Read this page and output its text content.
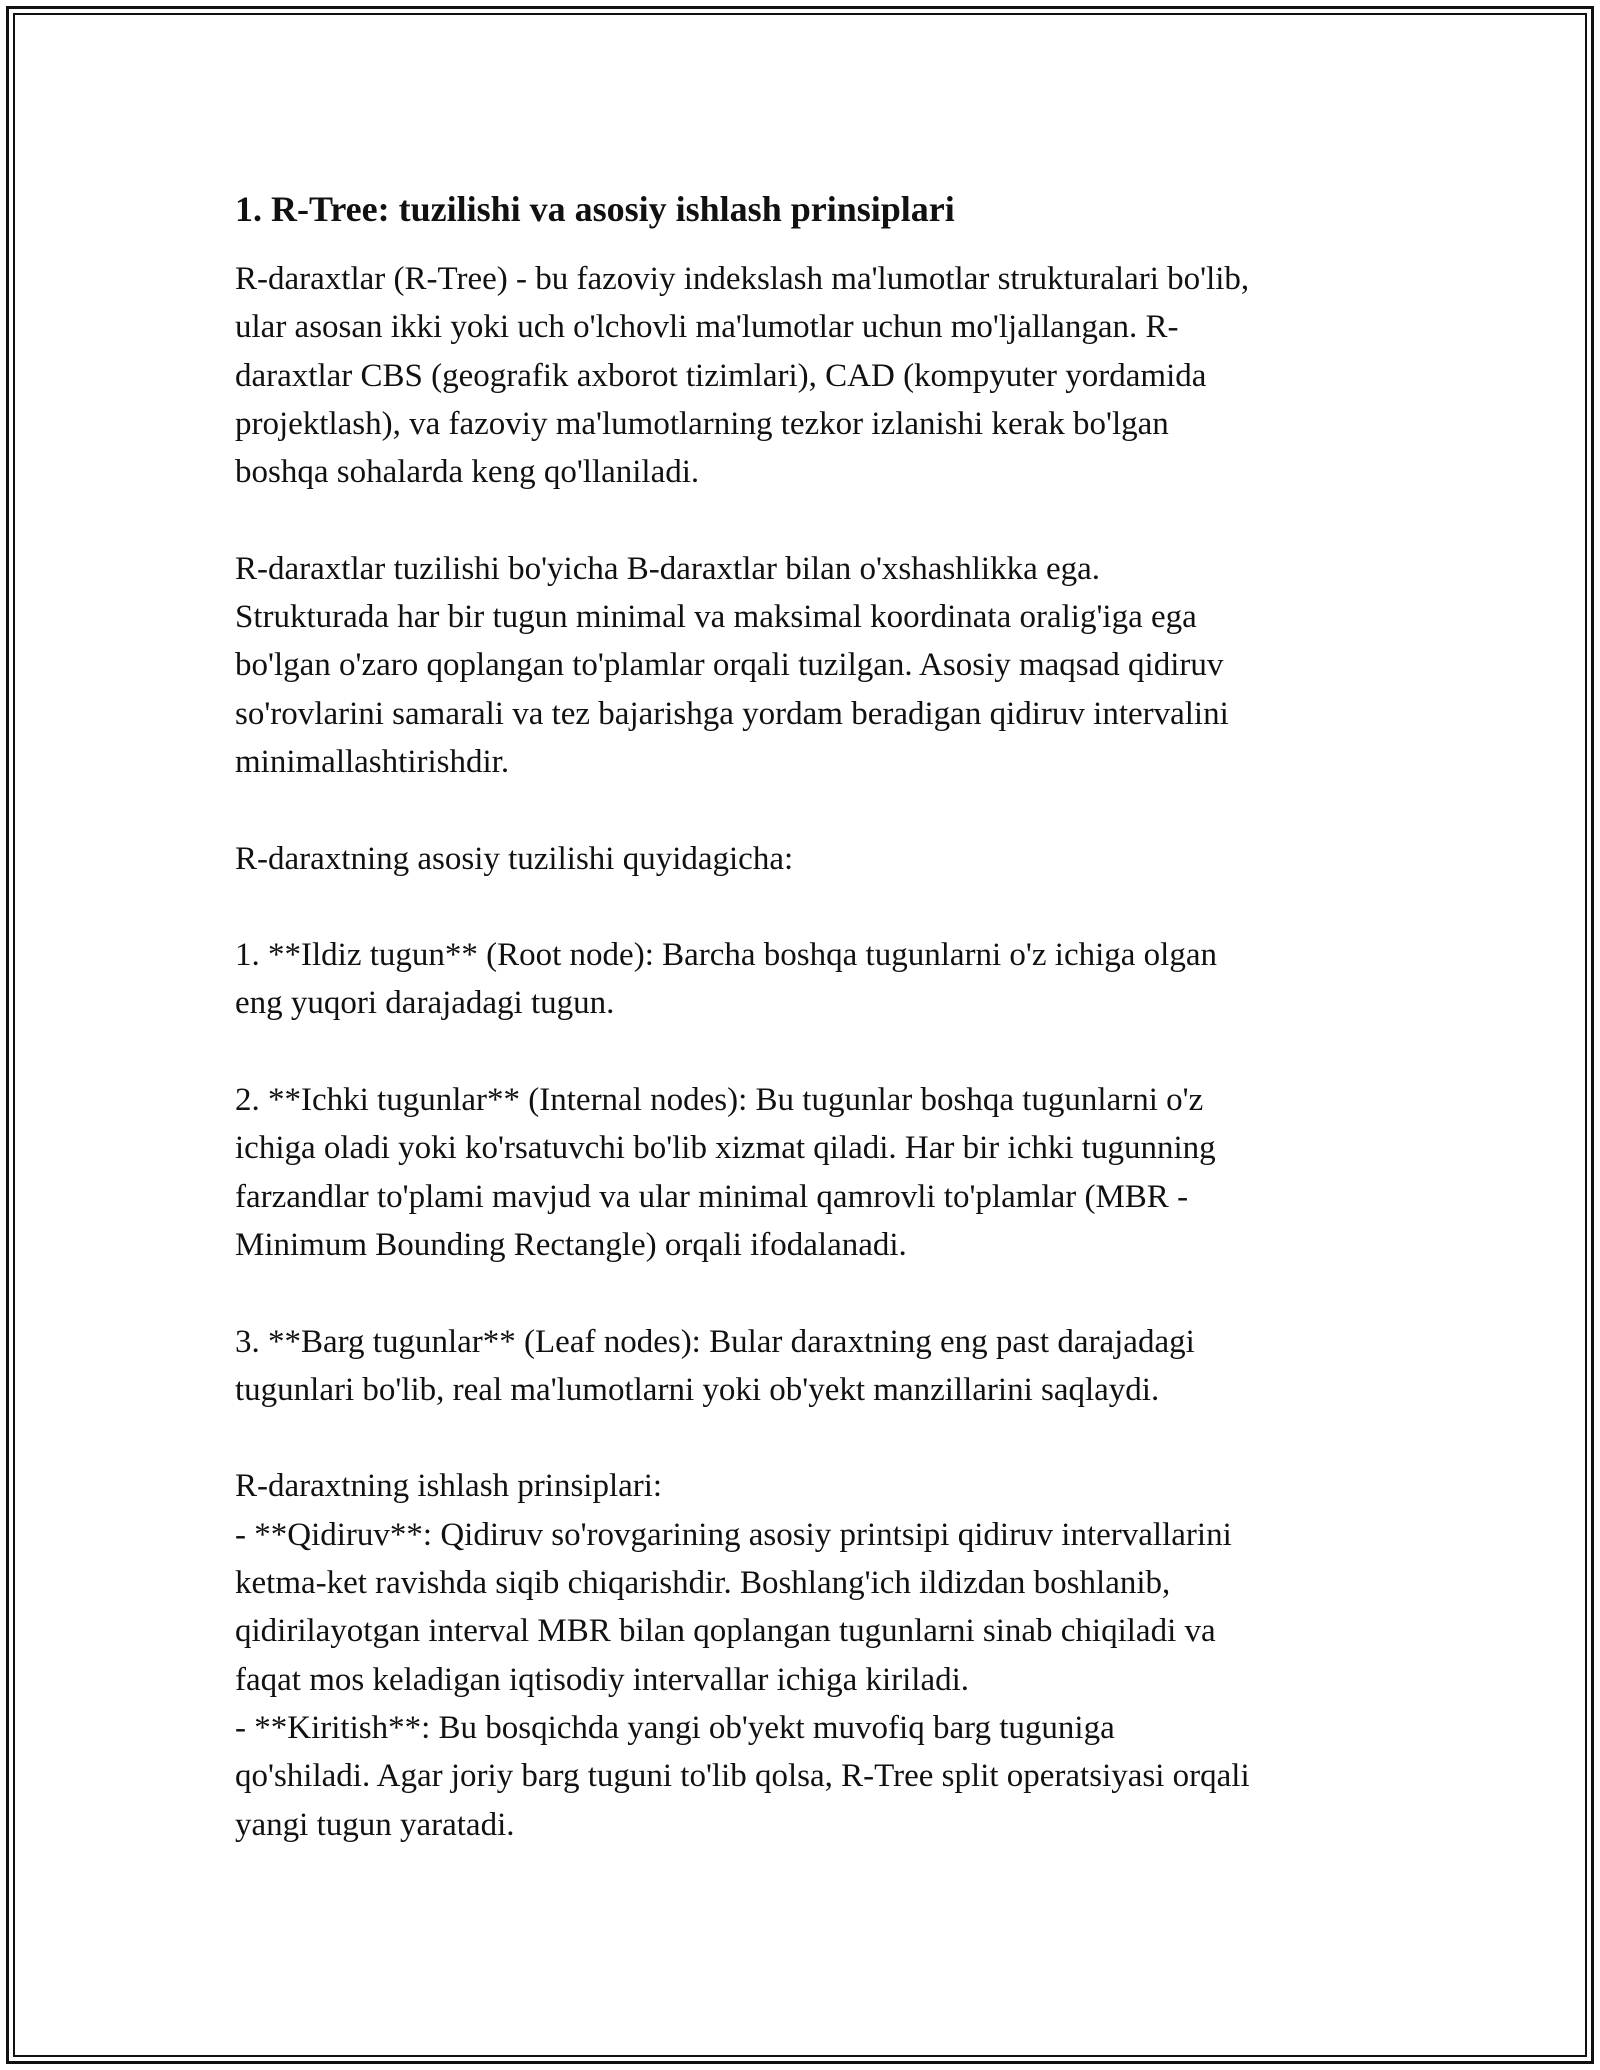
1. R-Tree: tuzilishi va asosiy ishlash prinsiplari
R-daraxtlar (R-Tree) - bu fazoviy indekslash ma'lumotlar strukturalari bo'lib,
ular asosan ikki yoki uch o'lchovli ma'lumotlar uchun mo'ljallangan. R-
daraxtlar CBS (geografik axborot tizimlari), CAD (kompyuter yordamida
projektlash), va fazoviy ma'lumotlarning tezkor izlanishi kerak bo'lgan
boshqa sohalarda keng qo'llaniladi.
R-daraxtlar tuzilishi bo'yicha B-daraxtlar bilan o'xshashlikka ega.
Strukturada har bir tugun minimal va maksimal koordinata oralig'iga ega
bo'lgan o'zaro qoplangan to'plamlar orqali tuzilgan. Asosiy maqsad qidiruv
so'rovlarini samarali va tez bajarishga yordam beradigan qidiruv intervalini
minimallashtirishdir.
R-daraxtning asosiy tuzilishi quyidagicha:
1. **Ildiz tugun** (Root node): Barcha boshqa tugunlarni o'z ichiga olgan
eng yuqori darajadagi tugun.
2. **Ichki tugunlar** (Internal nodes): Bu tugunlar boshqa tugunlarni o'z
ichiga oladi yoki ko'rsatuvchi bo'lib xizmat qiladi. Har bir ichki tugunning
farzandlar to'plami mavjud va ular minimal qamrovli to'plamlar (MBR -
Minimum Bounding Rectangle) orqali ifodalanadi.
3. **Barg tugunlar** (Leaf nodes): Bular daraxtning eng past darajadagi
tugunlari bo'lib, real ma'lumotlarni yoki ob'yekt manzillarini saqlaydi.
R-daraxtning ishlash prinsiplari:
- **Qidiruv**: Qidiruv so'rovgarining asosiy printsipi qidiruv intervallarini
ketma-ket ravishda siqib chiqarishdir. Boshlang'ich ildizdan boshlanib,
qidirilayotgan interval MBR bilan qoplangan tugunlarni sinab chiqiladi va
faqat mos keladigan iqtisodiy intervallar ichiga kiriladi.
- **Kiritish**: Bu bosqichda yangi ob'yekt muvofiq barg tuguniga
qo'shiladi. Agar joriy barg tuguni to'lib qolsa, R-Tree split operatsiyasi orqali
yangi tugun yaratadi.
